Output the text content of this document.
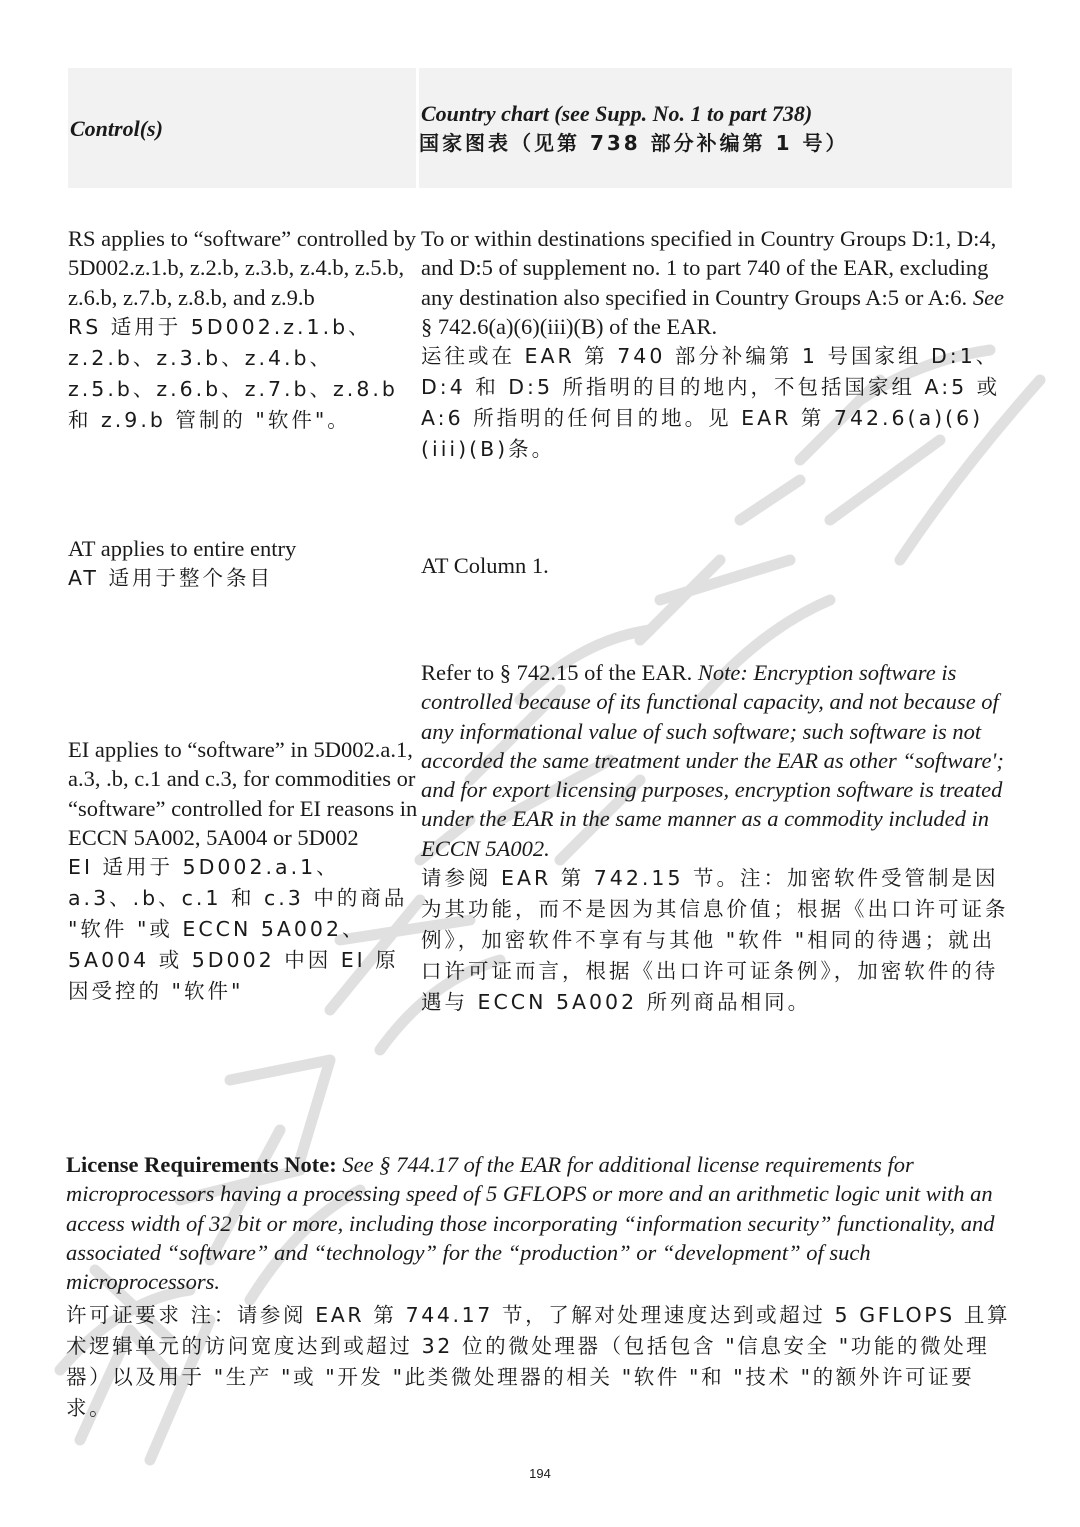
Control(s)
Country chart (see Supp. No. 1 to part 738)
国家图表（见第 738 部分补编第 1 号）
RS applies to “software” controlled by 5D002.z.1.b, z.2.b, z.3.b, z.4.b, z.5.b, z.6.b, z.7.b, z.8.b, and z.9.b
RS 适用于 5D002.z.1.b、z.2.b、z.3.b、z.4.b、z.5.b、z.6.b、z.7.b、z.8.b 和 z.9.b 管制的 "软件"。
To or within destinations specified in Country Groups D:1, D:4, and D:5 of supplement no. 1 to part 740 of the EAR, excluding any destination also specified in Country Groups A:5 or A:6. See § 742.6(a)(6)(iii)(B) of the EAR.
运往或在 EAR 第 740 部分补编第 1 号国家组 D:1、D:4 和 D:5 所指明的目的地内，不包括国家组 A:5 或 A:6 所指明的任何目的地。见 EAR 第 742.6(a)(6)(iii)(B)条。
AT applies to entire entry
AT 适用于整个条目
AT Column 1.
EI applies to “software” in 5D002.a.1, a.3, .b, c.1 and c.3, for commodities or “software” controlled for EI reasons in ECCN 5A002, 5A004 or 5D002
EI 适用于 5D002.a.1、a.3、.b、c.1 和 c.3 中的商品 "软件 "或 ECCN 5A002、5A004 或 5D002 中因 EI 原因受控的 "软件"
Refer to § 742.15 of the EAR. Note: Encryption software is controlled because of its functional capacity, and not because of any informational value of such software; such software is not accorded the same treatment under the EAR as other “software'; and for export licensing purposes, encryption software is treated under the EAR in the same manner as a commodity included in ECCN 5A002.
请参阅 EAR 第 742.15 节。注：加密软件受管制是因为其功能，而不是因为其信息价值；根据《出口许可证条例》，加密软件不享有与其他 "软件 "相同的待遇；就出口许可证而言，根据《出口许可证条例》，加密软件的待遇与 ECCN 5A002 所列商品相同。
License Requirements Note: See § 744.17 of the EAR for additional license requirements for microprocessors having a processing speed of 5 GFLOPS or more and an arithmetic logic unit with an access width of 32 bit or more, including those incorporating “information security” functionality, and associated “software” and “technology” for the “production” or “development” of such microprocessors.
许可证要求 注：请参阅 EAR 第 744.17 节，了解对处理速度达到或超过 5 GFLOPS 且算术逻辑单元的访问宽度达到或超过 32 位的微处理器（包括包含 "信息安全 "功能的微处理器）以及用于 "生产 "或 "开发 "此类微处理器的相关 "软件 "和 "技术 "的额外许可证要求。
194
